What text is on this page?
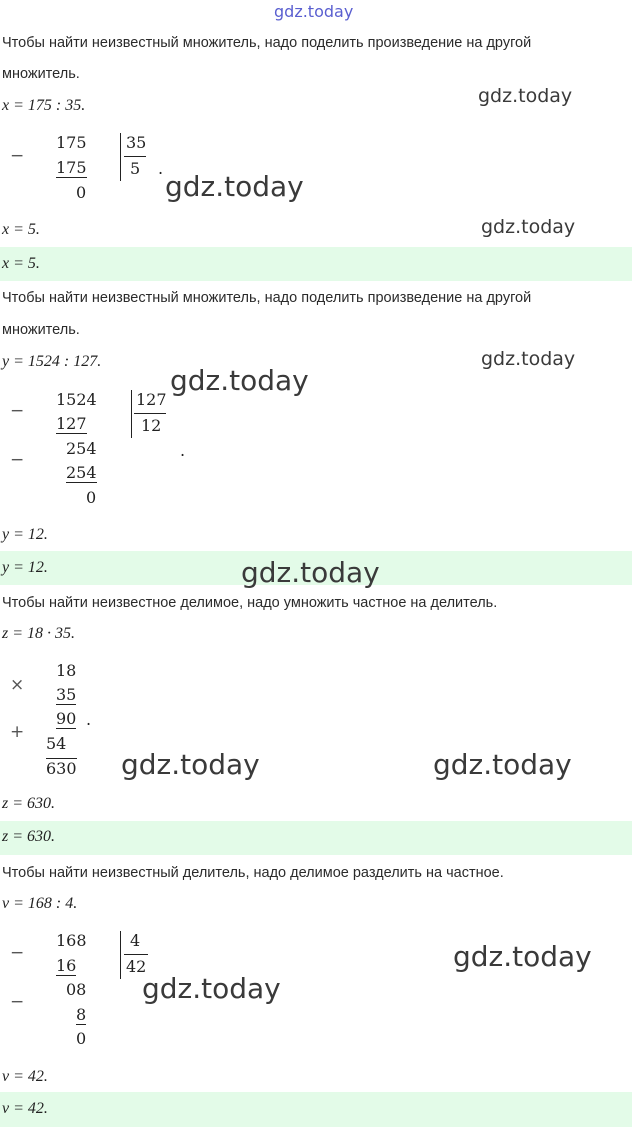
gdz.today
Чтобы найти неизвестный множитель, надо поделить произведение на другой
множитель.
x = 175 : 35.	gdz.today
−
175
175
0
35
5 .
gdz.today
x = 5.	gdz.today
x = 5.
Чтобы найти неизвестный множитель, надо поделить произведение на другой
множитель.
y = 1524 : 127.	gdz.today
gdz.today
−
1524
127
127
12
−
254	.
254
0
y = 12.
y = 12.	gdz.today
Чтобы найти неизвестное делимое, надо умножить частное на делитель.
z = 18 · 35.
×
18
35
90 .
+
54
630 gdz.today	gdz.today
z = 630.
z = 630.
Чтобы найти неизвестный делитель, надо делимое разделить на частное.
v = 168 : 4.
−
168
16
4
42	gdz.today
−
08 gdz.today
8
0
v = 42.
v = 42.
